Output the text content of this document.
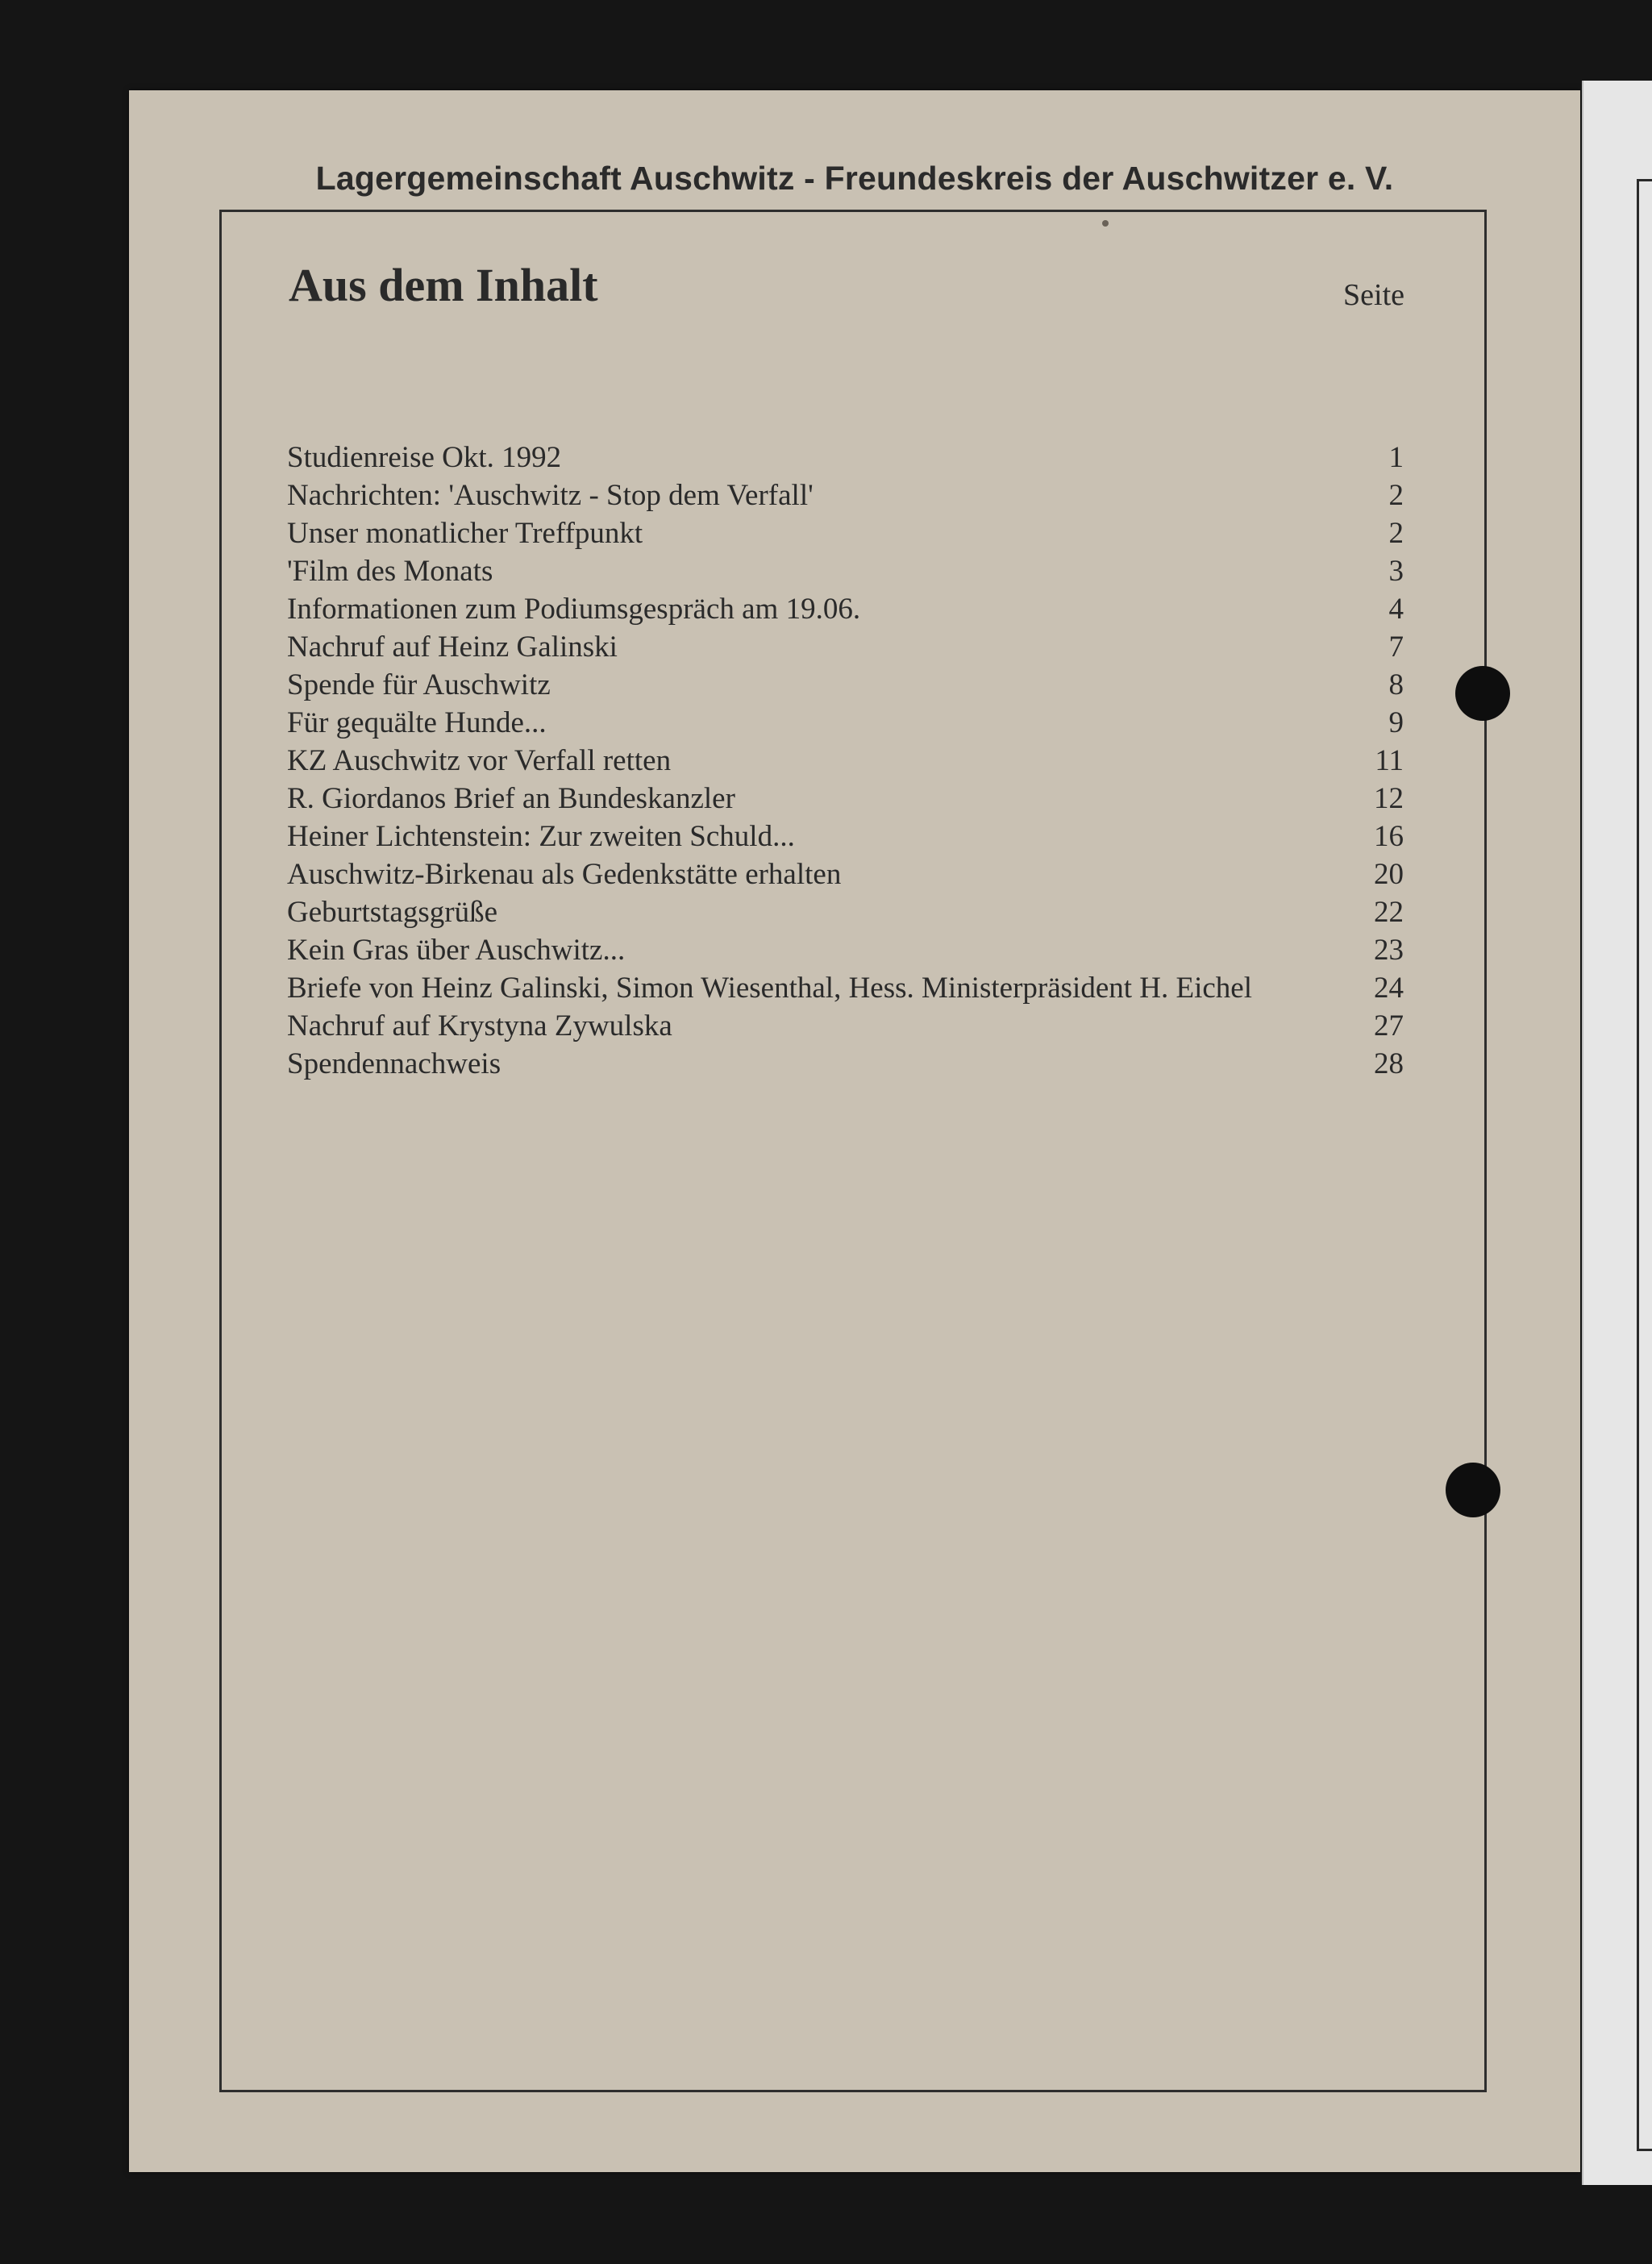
Lagergemeinschaft Auschwitz - Freundeskreis der Auschwitzer e. V.
Aus dem Inhalt	Seite
Studienreise Okt. 1992	1
Nachrichten: 'Auschwitz - Stop dem Verfall'	2
Unser monatlicher Treffpunkt	2
'Film des Monats	3
Informationen zum Podiumsgespräch am 19.06.	4
Nachruf auf Heinz Galinski	7
Spende für Auschwitz	8
Für gequälte Hunde...	9
KZ Auschwitz vor Verfall retten	11
R. Giordanos Brief an Bundeskanzler	12
Heiner Lichtenstein: Zur zweiten Schuld...	16
Auschwitz-Birkenau als Gedenkstätte erhalten	20
Geburtstagsgrüße	22
Kein Gras über Auschwitz...	23
Briefe von Heinz Galinski, Simon Wiesenthal, Hess. Ministerpräsident H. Eichel	24
Nachruf auf Krystyna Zywulska	27
Spendennachweis	28
